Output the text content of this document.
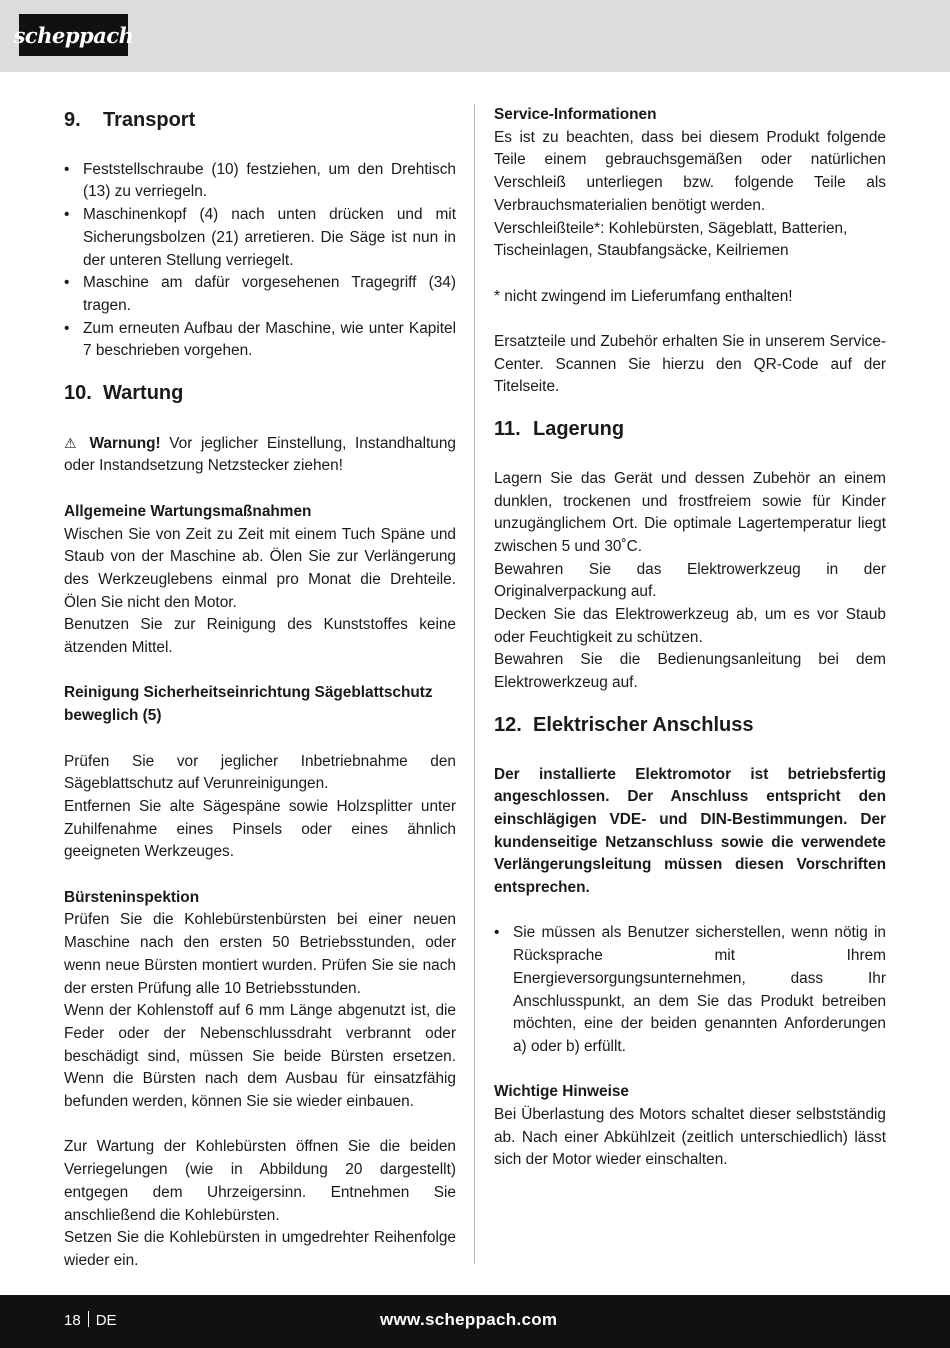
scheppach
9.	Transport
• Feststellschraube (10) festziehen, um den Drehtisch (13) zu verriegeln.
• Maschinenkopf (4) nach unten drücken und mit Sicherungsbolzen (21) arretieren. Die Säge ist nun in der unteren Stellung verriegelt.
• Maschine am dafür vorgesehenen Tragegriff (34) tragen.
• Zum erneuten Aufbau der Maschine, wie unter Kapitel 7 beschrieben vorgehen.
10. Wartung

⚠ Warnung! Vor jeglicher Einstellung, Instandhaltung oder Instandsetzung Netzstecker ziehen!

Allgemeine Wartungsmaßnahmen

Wischen Sie von Zeit zu Zeit mit einem Tuch Späne und Staub von der Maschine ab. Ölen Sie zur Verlängerung des Werkzeuglebens einmal pro Monat die Drehteile. Ölen Sie nicht den Motor.

Benutzen Sie zur Reinigung des Kunststoffes keine ätzenden Mittel.

Reinigung Sicherheitseinrichtung Sägeblattschutz beweglich (5)

Prüfen Sie vor jeglicher Inbetriebnahme den Sägeblattschutz auf Verunreinigungen.

Entfernen Sie alte Sägespäne sowie Holzsplitter unter Zuhilfenahme eines Pinsels oder eines ähnlich geeigneten Werkzeuges.

Bürsteninspektion

Prüfen Sie die Kohlebürstenbürsten bei einer neuen Maschine nach den ersten 50 Betriebsstunden, oder wenn neue Bürsten montiert wurden. Prüfen Sie sie nach der ersten Prüfung alle 10 Betriebsstunden.

Wenn der Kohlenstoff auf 6 mm Länge abgenutzt ist, die Feder oder der Nebenschlussdraht verbrannt oder beschädigt sind, müssen Sie beide Bürsten ersetzen. Wenn die Bürsten nach dem Ausbau für einsatzfähig befunden werden, können Sie sie wieder einbauen.

Zur Wartung der Kohlebürsten öffnen Sie die beiden Verriegelungen (wie in Abbildung 20 dargestellt) entgegen dem Uhrzeigersinn. Entnehmen Sie anschließend die Kohlebürsten.

Setzen Sie die Kohlebürsten in umgedrehter Reihenfolge wieder ein.

Service-Informationen

Es ist zu beachten, dass bei diesem Produkt folgende Teile einem gebrauchsgemäßen oder natürlichen Verschleiß unterliegen bzw. folgende Teile als Verbrauchsmaterialien benötigt werden.

Verschleißteile*: Kohlebürsten, Sägeblatt, Batterien, Tischeinlagen, Staubfangsäcke, Keilriemen

* nicht zwingend im Lieferumfang enthalten!

Ersatzteile und Zubehör erhalten Sie in unserem Service-Center. Scannen Sie hierzu den QR-Code auf der Titelseite.

11. Lagerung

Lagern Sie das Gerät und dessen Zubehör an einem dunklen, trockenen und frostfreiem sowie für Kinder unzugänglichem Ort. Die optimale Lagertemperatur liegt zwischen 5 und 30˚C.

Bewahren Sie das Elektrowerkzeug in der Originalverpackung auf.

Decken Sie das Elektrowerkzeug ab, um es vor Staub oder Feuchtigkeit zu schützen.

Bewahren Sie die Bedienungsanleitung bei dem Elektrowerkzeug auf.

12. Elektrischer Anschluss

Der installierte Elektromotor ist betriebsfertig angeschlossen. Der Anschluss entspricht den einschlägigen VDE- und DIN-Bestimmungen. Der kundenseitige Netzanschluss sowie die verwendete Verlängerungsleitung müssen diesen Vorschriften entsprechen.

• Sie müssen als Benutzer sicherstellen, wenn nötig in Rücksprache mit Ihrem Energieversorgungsunternehmen, dass Ihr Anschlusspunkt, an dem Sie das Produkt betreiben möchten, eine der beiden genannten Anforderungen a) oder b) erfüllt.

Wichtige Hinweise

Bei Überlastung des Motors schaltet dieser selbstständig ab. Nach einer Abkühlzeit (zeitlich unterschiedlich) lässt sich der Motor wieder einschalten.

18 DE	www.scheppach.com
